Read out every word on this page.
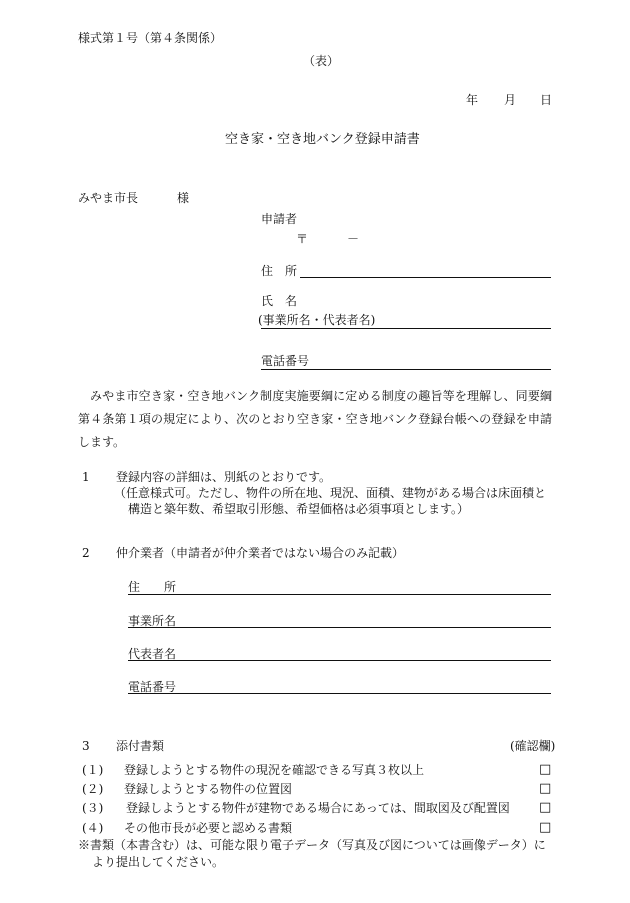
様式第１号（第４条関係）
（表）
年 月 日
空き家・空き地バンク登録申請書
みやま市長	様
申請者
〒	－
住　所
氏　名
(事業所名・代表者名)
電話番号
みやま市空き家・空き地バンク制度実施要綱に定める制度の趣旨等を理解し、同要綱第４条第１項の規定により、次のとおり空き家・空き地バンク登録台帳への登録を申請します。
1 登録内容の詳細は、別紙のとおりです。
（任意様式可。ただし、物件の所在地、現況、面積、建物がある場合は床面積と
構造と築年数、希望取引形態、希望価格は必須事項とします。）
2 仲介業者（申請者が仲介業者ではない場合のみ記載）
住　　所
事業所名
代表者名
電話番号
3 添付書類	(確認欄)
(１) 登録しようとする物件の現況を確認できる写真３枚以上	□
(２) 登録しようとする物件の位置図	□
(３) 登録しようとする物件が建物である場合にあっては、間取図及び配置図 □
(４) その他市長が必要と認める書類	□
※書類（本書含む）は、可能な限り電子データ（写真及び図については画像データ）に
より提出してください。
